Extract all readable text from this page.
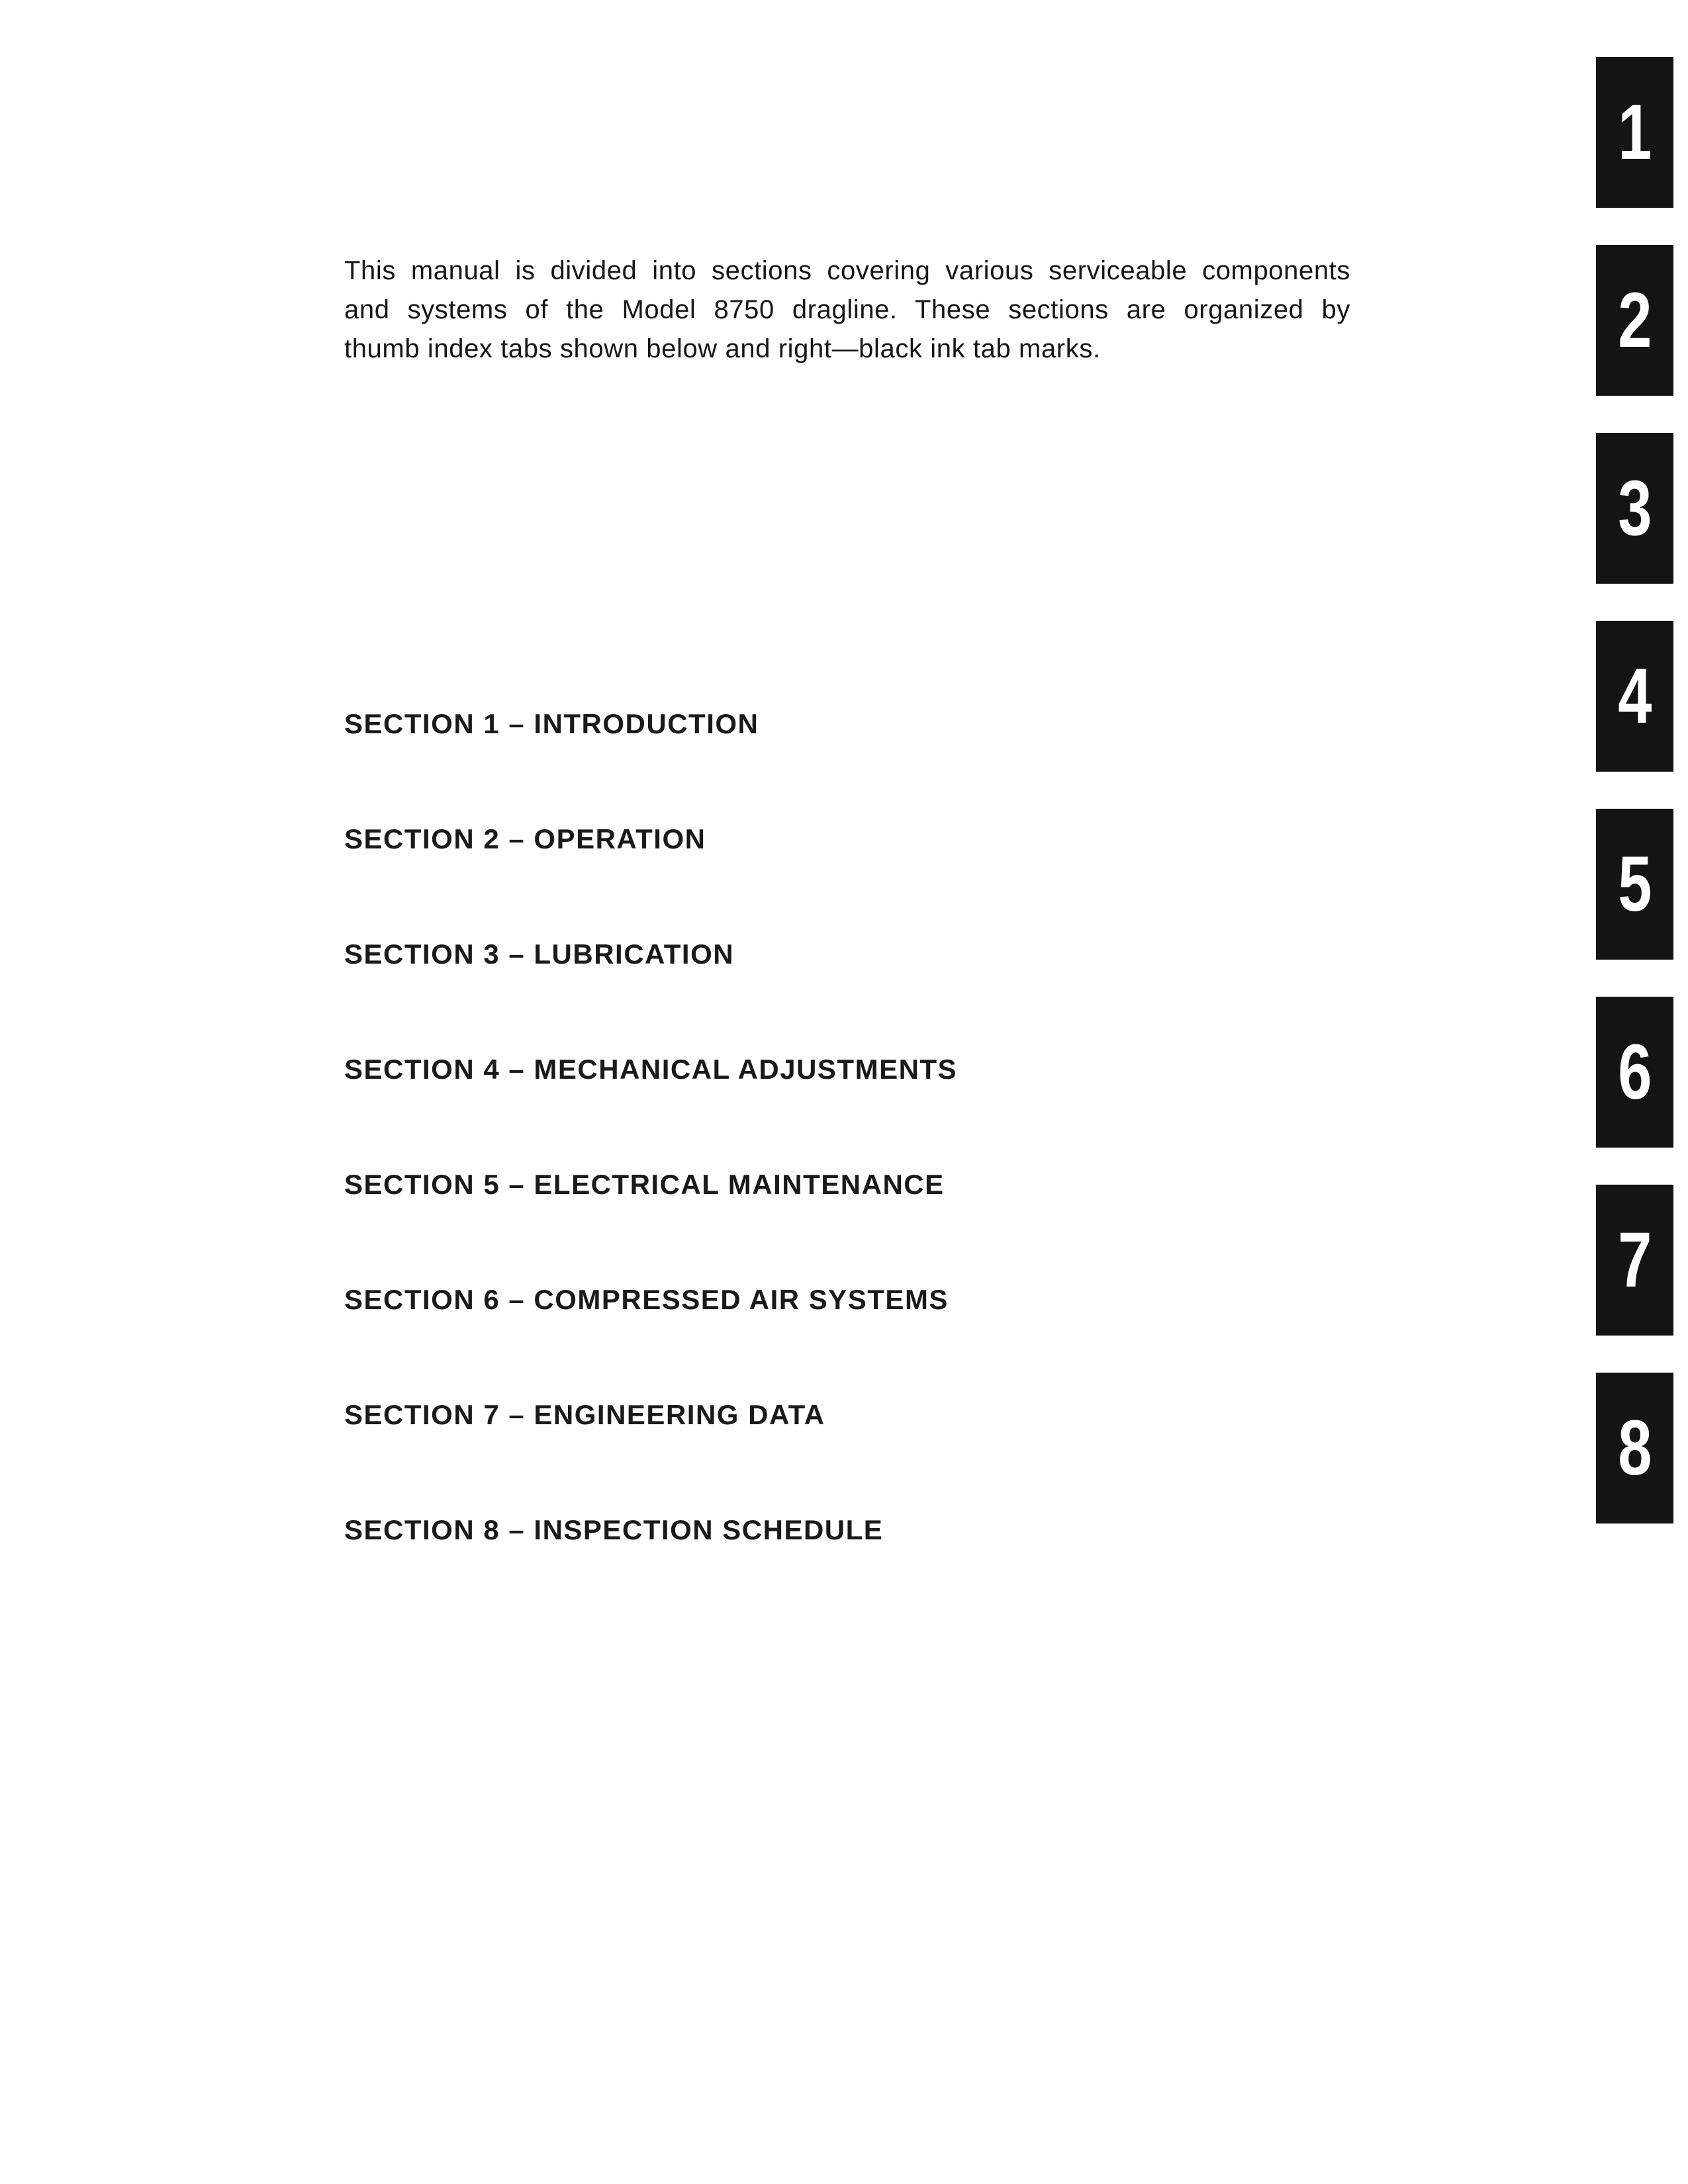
This manual is divided into sections covering various serviceable components
and systems of the Model 8750 dragline. These sections are organized by
thumb index tabs shown below and right—black ink tab marks.

SECTION 1 – INTRODUCTION
SECTION 2 – OPERATION
SECTION 3 – LUBRICATION
SECTION 4 – MECHANICAL ADJUSTMENTS
SECTION 5 – ELECTRICAL MAINTENANCE
SECTION 6 – COMPRESSED AIR SYSTEMS
SECTION 7 – ENGINEERING DATA
SECTION 8 – INSPECTION SCHEDULE
1
2
3
4
5
6
7
8
